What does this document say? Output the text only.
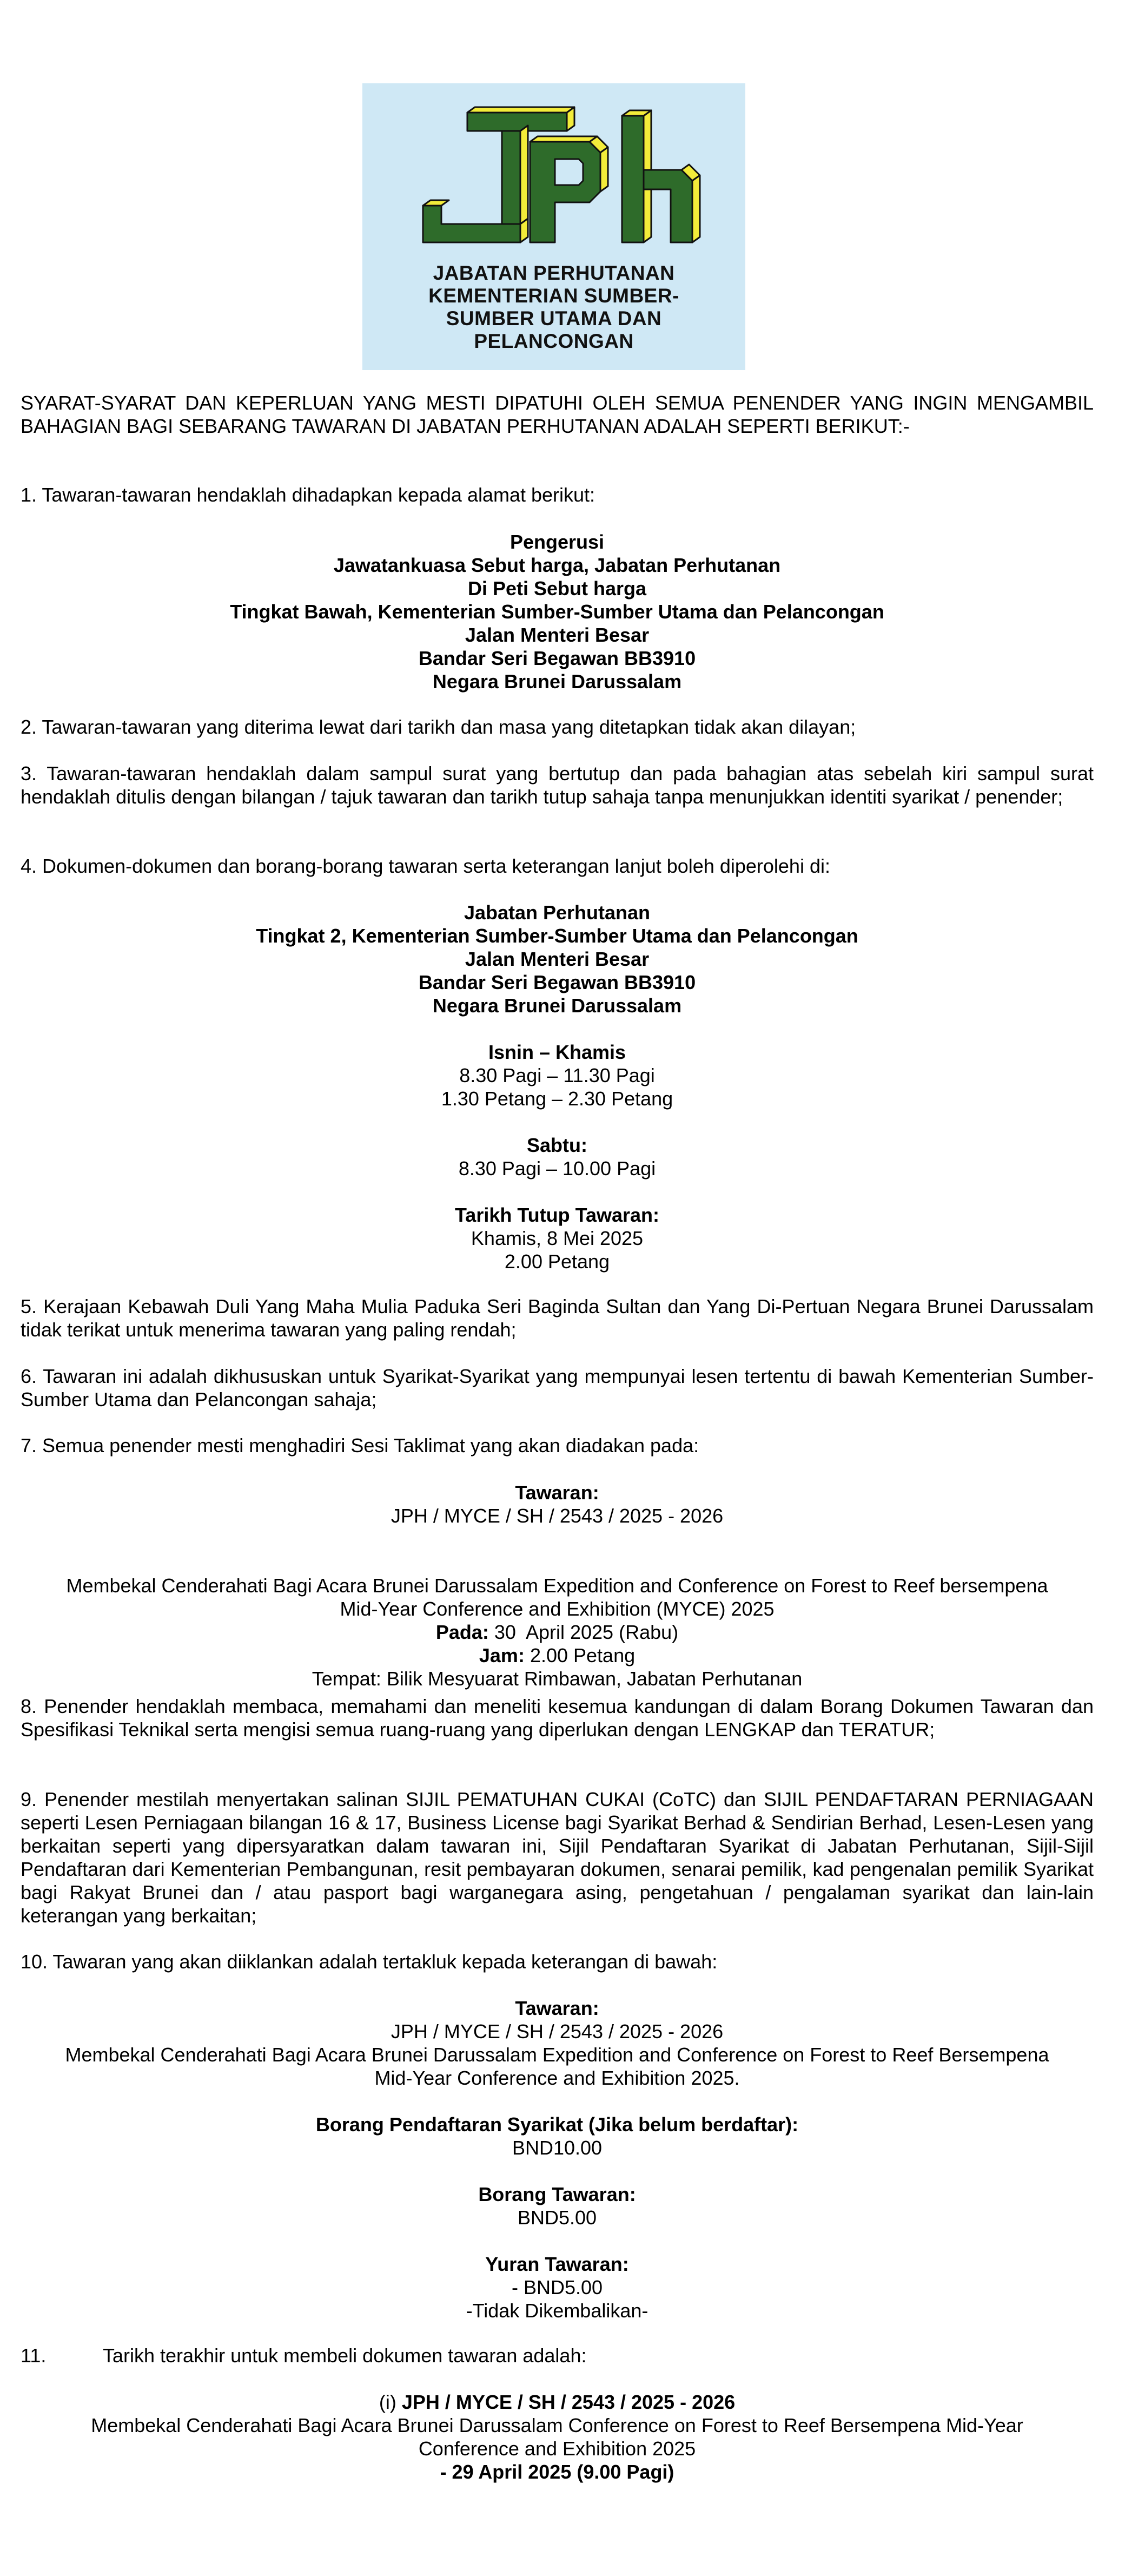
JABATAN PERHUTANAN
KEMENTERIAN SUMBER-
SUMBER UTAMA DAN
PELANCONGAN
SYARAT-SYARAT DAN KEPERLUAN YANG MESTI DIPATUHI OLEH SEMUA PENENDER YANG INGIN MENGAMBIL BAHAGIAN BAGI SEBARANG TAWARAN DI JABATAN PERHUTANAN ADALAH SEPERTI BERIKUT:-
1. Tawaran-tawaran hendaklah dihadapkan kepada alamat berikut:
Pengerusi
Jawatankuasa Sebut harga, Jabatan Perhutanan
Di Peti Sebut harga
Tingkat Bawah, Kementerian Sumber-Sumber Utama dan Pelancongan
Jalan Menteri Besar
Bandar Seri Begawan BB3910
Negara Brunei Darussalam
2. Tawaran-tawaran yang diterima lewat dari tarikh dan masa yang ditetapkan tidak akan dilayan;
3. Tawaran-tawaran hendaklah dalam sampul surat yang bertutup dan pada bahagian atas sebelah kiri sampul surat hendaklah ditulis dengan bilangan / tajuk tawaran dan tarikh tutup sahaja tanpa menunjukkan identiti syarikat / penender;
4. Dokumen-dokumen dan borang-borang tawaran serta keterangan lanjut boleh diperolehi di:
Jabatan Perhutanan
Tingkat 2, Kementerian Sumber-Sumber Utama dan Pelancongan
Jalan Menteri Besar
Bandar Seri Begawan BB3910
Negara Brunei Darussalam
Isnin – Khamis
8.30 Pagi – 11.30 Pagi
1.30 Petang – 2.30 Petang
Sabtu:
8.30 Pagi – 10.00 Pagi
Tarikh Tutup Tawaran:
Khamis, 8 Mei 2025
2.00 Petang
5. Kerajaan Kebawah Duli Yang Maha Mulia Paduka Seri Baginda Sultan dan Yang Di-Pertuan Negara Brunei Darussalam tidak terikat untuk menerima tawaran yang paling rendah;
6. Tawaran ini adalah dikhususkan untuk Syarikat-Syarikat yang mempunyai lesen tertentu di bawah Kementerian Sumber-Sumber Utama dan Pelancongan sahaja;
7. Semua penender mesti menghadiri Sesi Taklimat yang akan diadakan pada:
Tawaran:
JPH / MYCE / SH / 2543 / 2025 - 2026
Membekal Cenderahati Bagi Acara Brunei Darussalam Expedition and Conference on Forest to Reef bersempena
Mid-Year Conference and Exhibition (MYCE) 2025
Pada: 30  April 2025 (Rabu)
Jam: 2.00 Petang
Tempat: Bilik Mesyuarat Rimbawan, Jabatan Perhutanan
8. Penender hendaklah membaca, memahami dan meneliti kesemua kandungan di dalam Borang Dokumen Tawaran dan Spesifikasi Teknikal serta mengisi semua ruang-ruang yang diperlukan dengan LENGKAP dan TERATUR;
9. Penender mestilah menyertakan salinan SIJIL PEMATUHAN CUKAI (CoTC) dan SIJIL PENDAFTARAN PERNIAGAAN seperti Lesen Perniagaan bilangan 16 & 17, Business License bagi Syarikat Berhad & Sendirian Berhad, Lesen-Lesen yang berkaitan seperti yang dipersyaratkan dalam tawaran ini, Sijil Pendaftaran Syarikat di Jabatan Perhutanan, Sijil-Sijil Pendaftaran dari Kementerian Pembangunan, resit pembayaran dokumen, senarai pemilik, kad pengenalan pemilik Syarikat bagi Rakyat Brunei dan / atau pasport bagi warganegara asing, pengetahuan / pengalaman syarikat dan lain-lain keterangan yang berkaitan;
10. Tawaran yang akan diiklankan adalah tertakluk kepada keterangan di bawah:
Tawaran:
JPH / MYCE / SH / 2543 / 2025 - 2026
Membekal Cenderahati Bagi Acara Brunei Darussalam Expedition and Conference on Forest to Reef Bersempena
Mid-Year Conference and Exhibition 2025.
Borang Pendaftaran Syarikat (Jika belum berdaftar):
BND10.00
Borang Tawaran:
BND5.00
Yuran Tawaran:
- BND5.00
-Tidak Dikembalikan-
11.	Tarikh terakhir untuk membeli dokumen tawaran adalah:
(i) JPH / MYCE / SH / 2543 / 2025 - 2026
Membekal Cenderahati Bagi Acara Brunei Darussalam Conference on Forest to Reef Bersempena Mid-Year
Conference and Exhibition 2025
- 29 April 2025 (9.00 Pagi)
